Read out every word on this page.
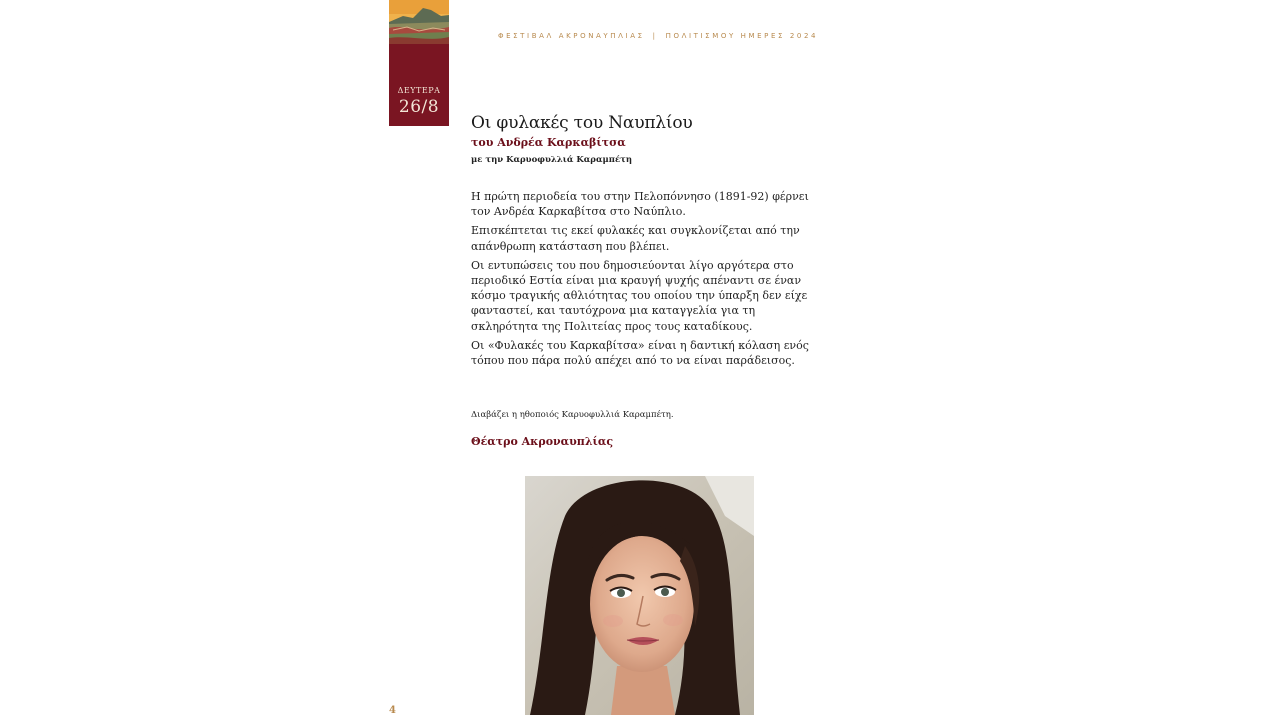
ΔΕΥΤΕΡΑ
26/8
ΦΕΣΤΙΒΑΛ ΑΚΡΟΝΑΥΠΛΙΑΣ | ΠΟΛΙΤΙΣΜΟΥ ΗΜΕΡΕΣ 2024
Οι φυλακές του Ναυπλίου
του Ανδρέα Καρκαβίτσα
με την Καρυοφυλλιά Καραμπέτη

Η πρώτη περιοδεία του στην Πελοπόννησο (1891-92) φέρνει τον Ανδρέα Καρκαβίτσα στο Ναύπλιο.

Επισκέπτεται τις εκεί φυλακές και συγκλονίζεται από την απάνθρωπη κατάσταση που βλέπει.

Οι εντυπώσεις του που δημοσιεύονται λίγο αργότερα στο περιοδικό Εστία είναι μια κραυγή ψυχής απέναντι σε έναν κόσμο τραγικής αθλιότητας του οποίου την ύπαρξη δεν είχε φανταστεί, και ταυτόχρονα μια καταγγελία για τη σκληρότητα της Πολιτείας προς τους καταδίκους.

Οι «Φυλακές του Καρκαβίτσα» είναι η δαντική κόλαση ενός τόπου που πάρα πολύ απέχει από το να είναι παράδεισος.

Διαβάζει η ηθοποιός Καρυοφυλλιά Καραμπέτη.
Θέατρο Ακροναυπλίας
4
